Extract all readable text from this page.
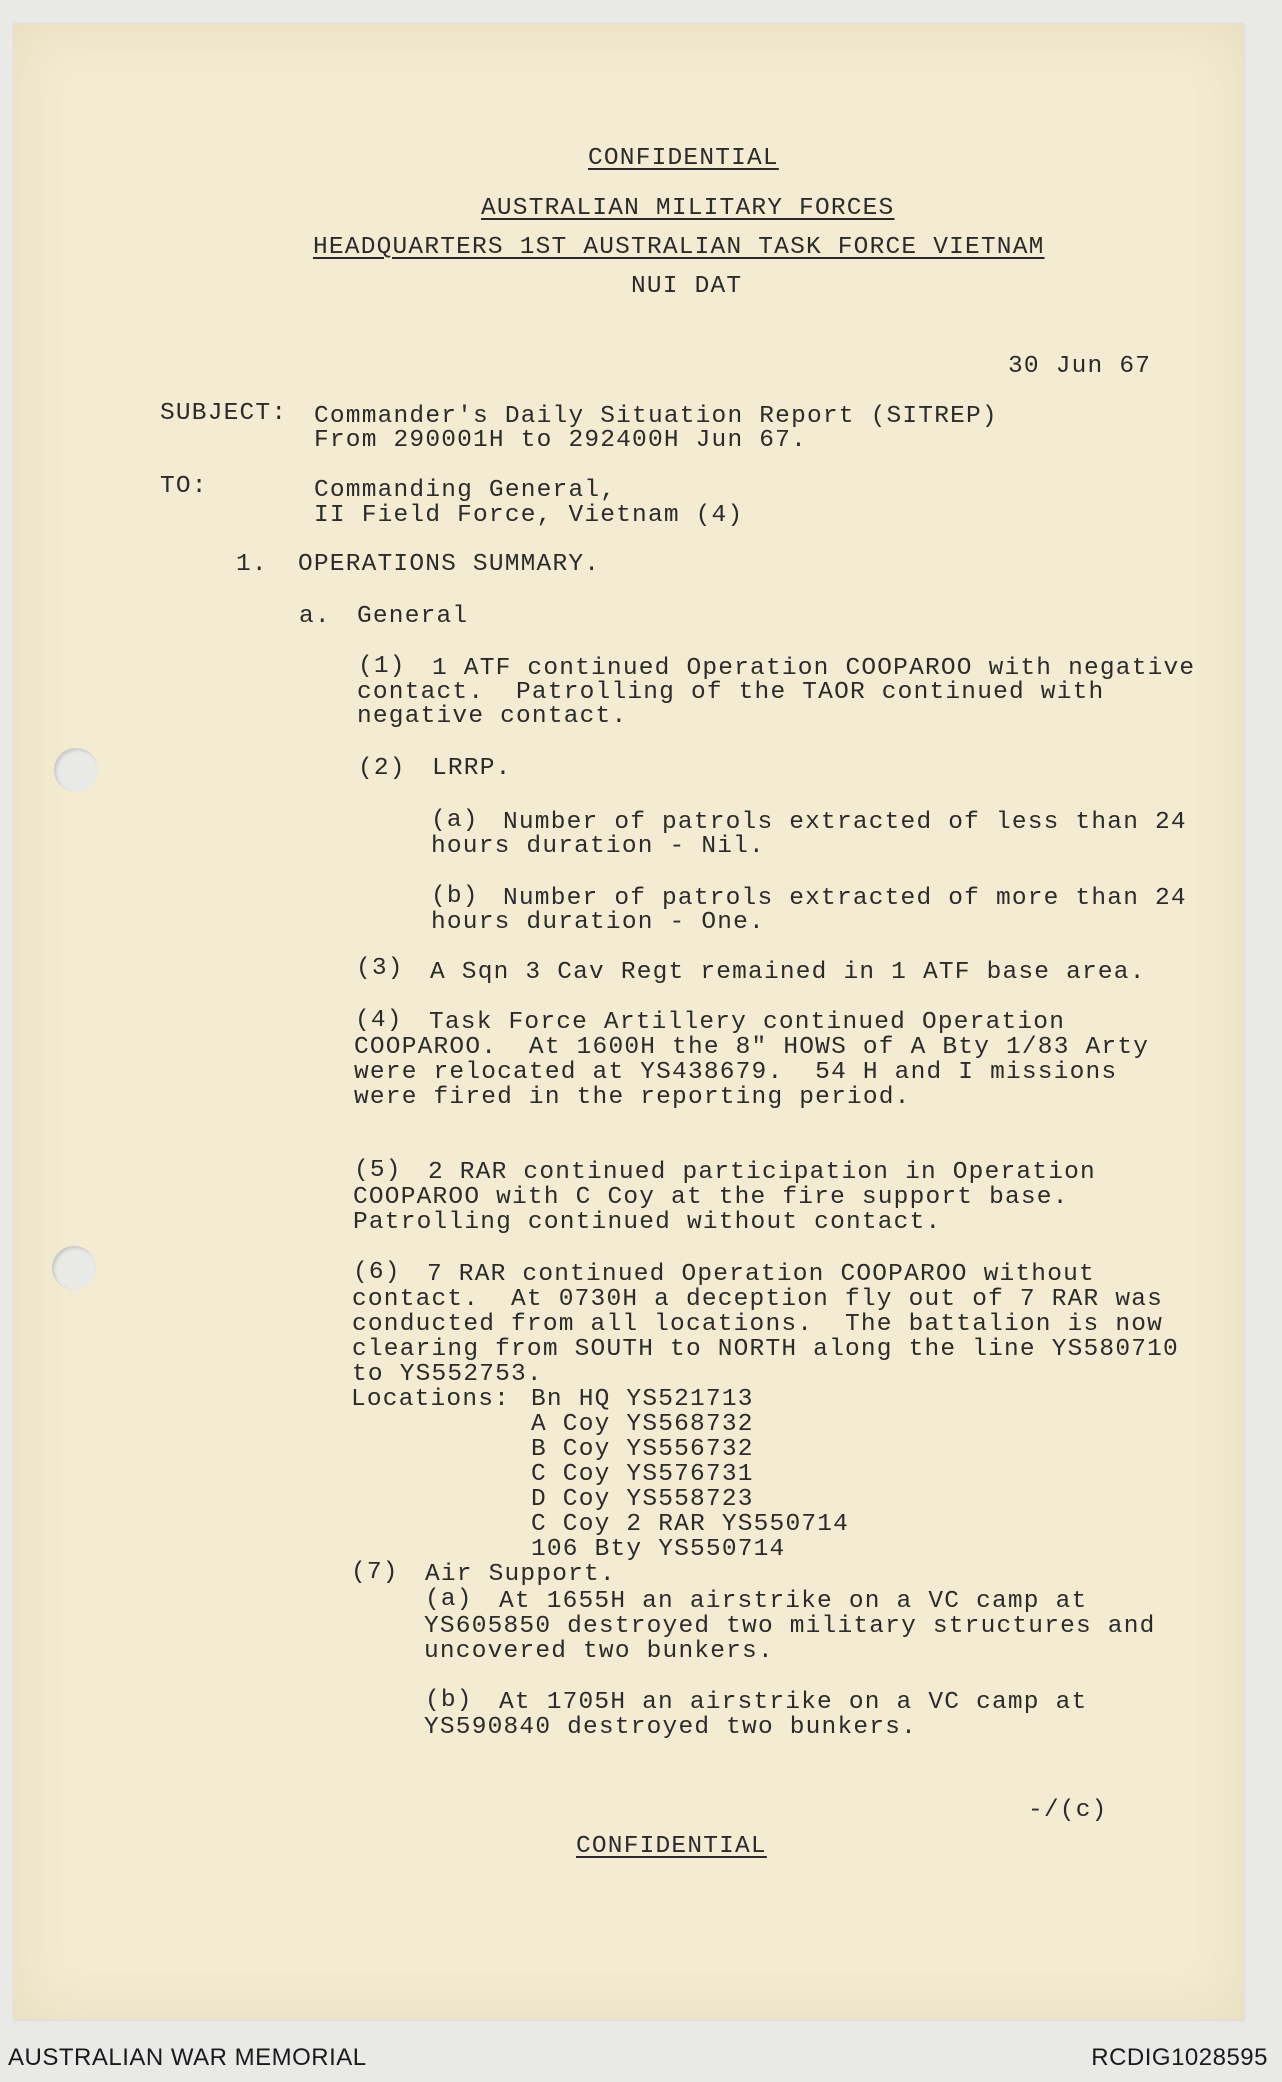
CONFIDENTIAL
AUSTRALIAN MILITARY FORCES
HEADQUARTERS 1ST AUSTRALIAN TASK FORCE VIETNAM
NUI DAT
30 Jun 67
SUBJECT: Commander's Daily Situation Report (SITREP)
From 290001H to 292400H Jun 67.
TO:	Commanding General,
II Field Force, Vietnam (4)
1. OPERATIONS SUMMARY.
a. General
(1) 1 ATF continued Operation COOPAROO with negative
contact.  Patrolling of the TAOR continued with
negative contact.
(2) LRRP.
(a) Number of patrols extracted of less than 24
hours duration - Nil.
(b) Number of patrols extracted of more than 24
hours duration - One.
(3) A Sqn 3 Cav Regt remained in 1 ATF base area.
(4) Task Force Artillery continued Operation
COOPAROO.  At 1600H the 8" HOWS of A Bty 1/83 Arty
were relocated at YS438679.  54 H and I missions
were fired in the reporting period.
(5) 2 RAR continued participation in Operation
COOPAROO with C Coy at the fire support base.
Patrolling continued without contact.
(6) 7 RAR continued Operation COOPAROO without
contact.  At 0730H a deception fly out of 7 RAR was
conducted from all locations.  The battalion is now
clearing from SOUTH to NORTH along the line YS580710
to YS552753.
Locations: Bn HQ YS521713
A Coy YS568732
B Coy YS556732
C Coy YS576731
D Coy YS558723
C Coy 2 RAR YS550714
106 Bty YS550714
(7) Air Support.
(a) At 1655H an airstrike on a VC camp at
YS605850 destroyed two military structures and
uncovered two bunkers.
(b) At 1705H an airstrike on a VC camp at
YS590840 destroyed two bunkers.
-/(c)
CONFIDENTIAL
AUSTRALIAN WAR MEMORIAL	RCDIG1028595
